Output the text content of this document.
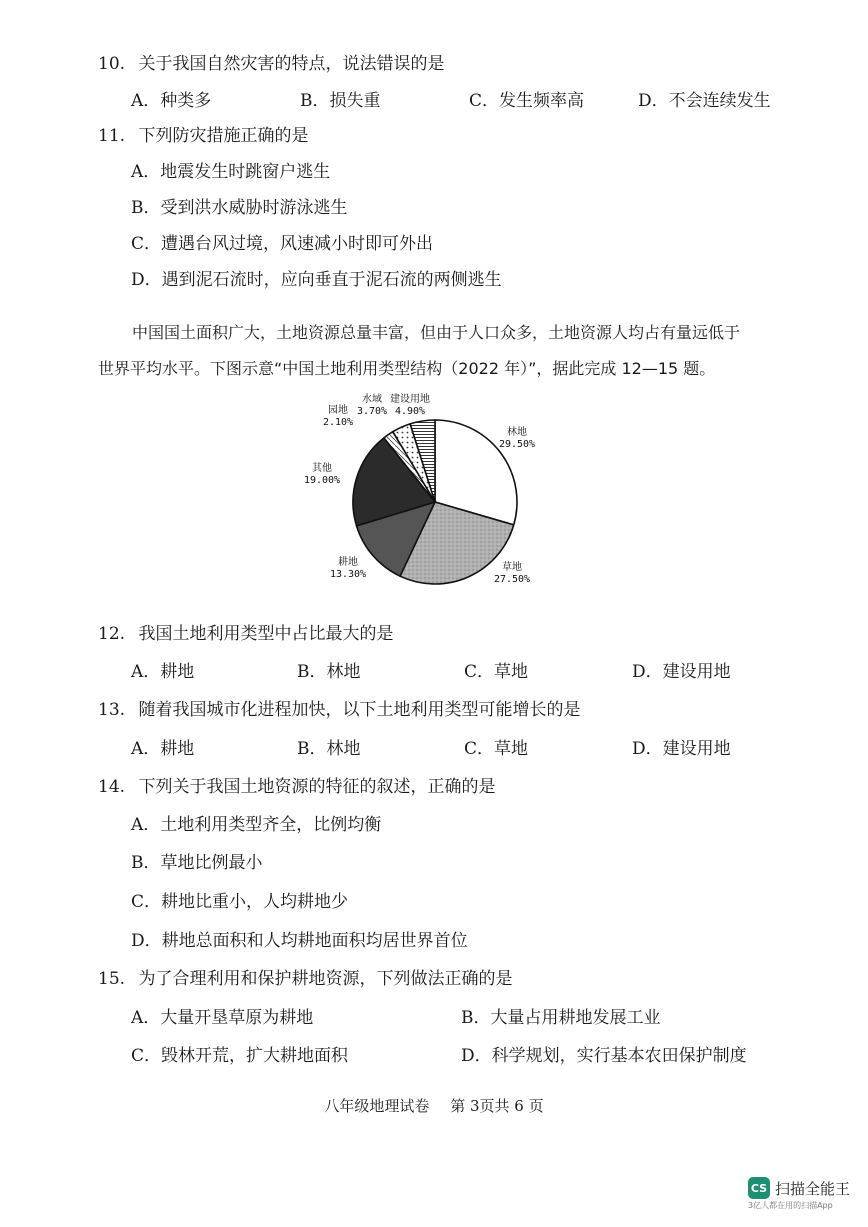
10. 关于我国自然灾害的特点，说法错误的是
A．种类多	B．损失重	C．发生频率高	D．不会连续发生
11. 下列防灾措施正确的是
A．地震发生时跳窗户逃生
B．受到洪水威胁时游泳逃生
C．遭遇台风过境，风速减小时即可外出
D．遇到泥石流时，应向垂直于泥石流的两侧逃生
中国国土面积广大，土地资源总量丰富，但由于人口众多，土地资源人均占有量远低于
世界平均水平。下图示意“中国土地利用类型结构（2022 年）”，据此完成 12—15 题。
林地
29.50%
草地
27.50%
耕地
13.30%
其他
19.00%
园地
2.10%
水域
3.70%
建设用地
4.90%
12. 我国土地利用类型中占比最大的是
A．耕地	B．林地	C．草地	D．建设用地
13. 随着我国城市化进程加快，以下土地利用类型可能增长的是
A．耕地	B．林地	C．草地	D．建设用地
14. 下列关于我国土地资源的特征的叙述，正确的是
A．土地利用类型齐全，比例均衡
B．草地比例最小
C．耕地比重小，人均耕地少
D．耕地总面积和人均耕地面积均居世界首位
15. 为了合理利用和保护耕地资源，下列做法正确的是
A．大量开垦草原为耕地	B．大量占用耕地发展工业
C．毁林开荒，扩大耕地面积	D．科学规划，实行基本农田保护制度
八年级地理试卷 第 3页共 6 页
CS 扫描全能王
3亿人都在用的扫描App
